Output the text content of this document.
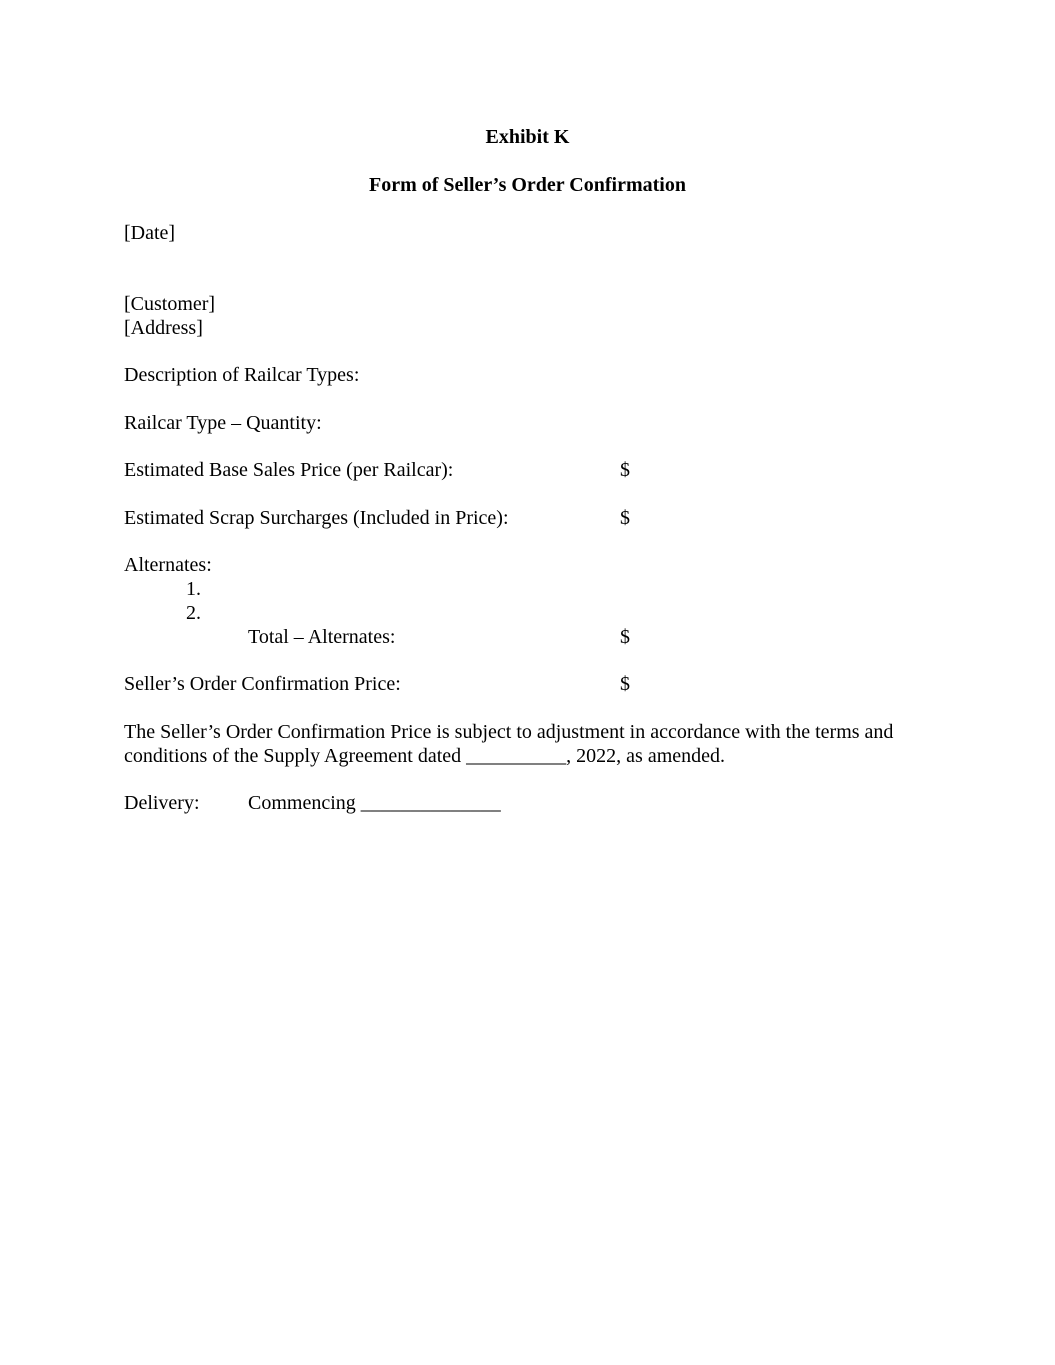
Exhibit K
Form of Seller’s Order Confirmation
[Date]
[Customer]
[Address]
Description of Railcar Types:
Railcar Type – Quantity:
Estimated Base Sales Price (per Railcar):	$
Estimated Scrap Surcharges (Included in Price):	$
Alternates:
1.
2.
Total – Alternates:	$
Seller’s Order Confirmation Price:	$
The Seller’s Order Confirmation Price is subject to adjustment in accordance with the terms and conditions of the Supply Agreement dated __________, 2022, as amended.
Delivery: Commencing ______________
